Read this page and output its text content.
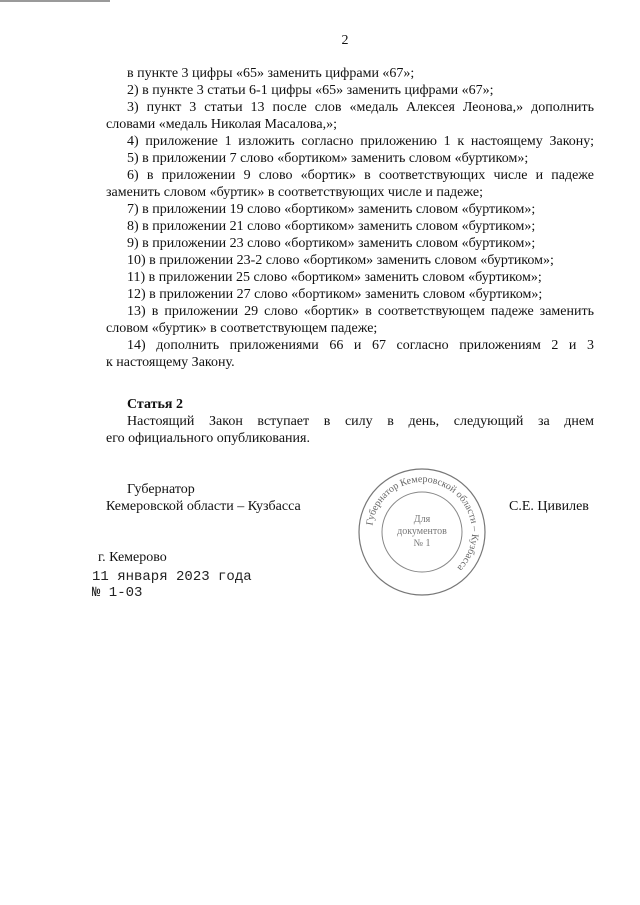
2
в пункте 3 цифры «65» заменить цифрами «67»;
2) в пункте 3 статьи 6-1 цифры «65» заменить цифрами «67»;
3) пункт 3 статьи 13 после слов «медаль Алексея Леонова,» дополнить
словами «медаль Николая Масалова,»;
4) приложение 1 изложить согласно приложению 1 к настоящему Закону;
5) в приложении 7 слово «бортиком» заменить словом «буртиком»;
6) в приложении 9 слово «бортик» в соответствующих числе и падеже
заменить словом «буртик» в соответствующих числе и падеже;
7) в приложении 19 слово «бортиком» заменить словом «буртиком»;
8) в приложении 21 слово «бортиком» заменить словом «буртиком»;
9) в приложении 23 слово «бортиком» заменить словом «буртиком»;
10) в приложении 23-2 слово «бортиком» заменить словом «буртиком»;
11) в приложении 25 слово «бортиком» заменить словом «буртиком»;
12) в приложении 27 слово «бортиком» заменить словом «буртиком»;
13) в приложении 29 слово «бортик» в соответствующем падеже заменить
словом «буртик» в соответствующем падеже;
14) дополнить приложениями 66 и 67 согласно приложениям 2 и 3
к настоящему Закону.
Статья 2
Настоящий Закон вступает в силу в день, следующий за днем
его официального опубликования.
Губернатор
Кемеровской области – Кузбасса	С.Е. Цивилев
Губернатор Кемеровской области – Кузбасса
Для
документов
№ 1
г. Кемерово
11 января 2023 года
№ 1-03
